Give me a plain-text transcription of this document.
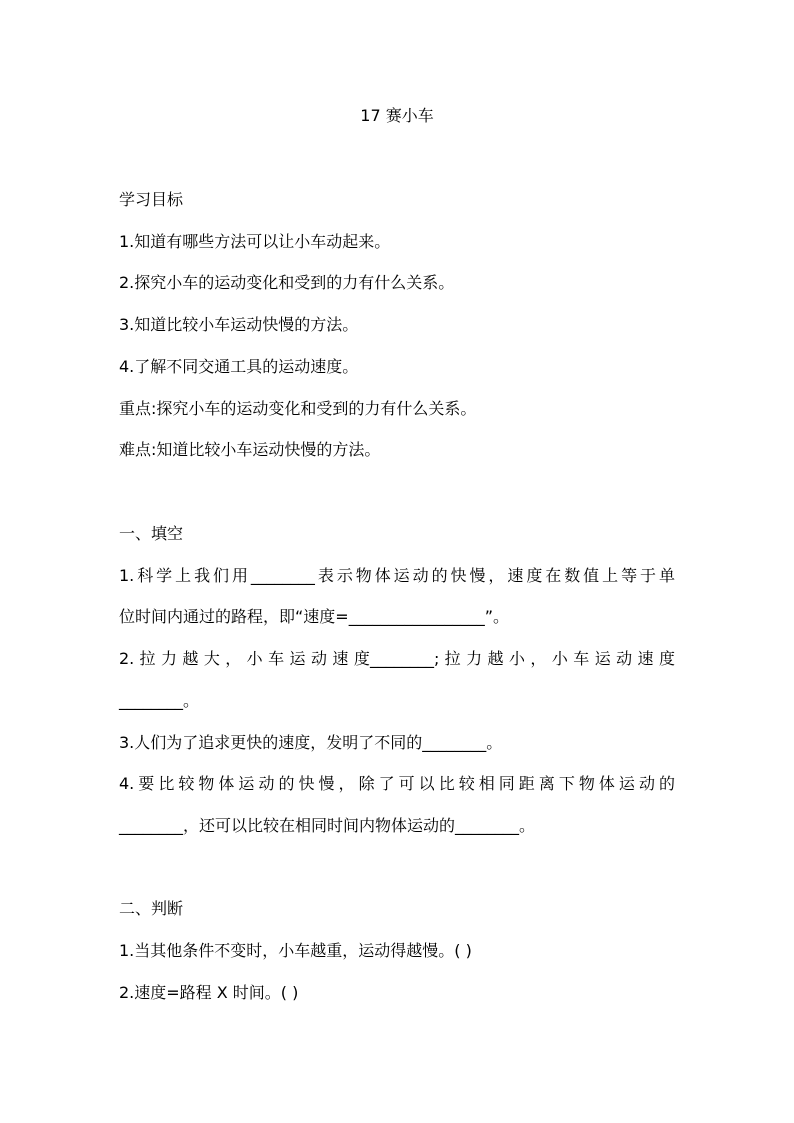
17 赛小车
学习目标
1.知道有哪些方法可以让小车动起来。
2.探究小车的运动变化和受到的力有什么关系。
3.知道比较小车运动快慢的方法。
4.了解不同交通工具的运动速度。
重点:探究小车的运动变化和受到的力有什么关系。
难点:知道比较小车运动快慢的方法。
一、填空
1.科学上我们用________表示物体运动的快慢，速度在数值上等于单
位时间内通过的路程，即“速度=_________________”。
2. 拉 力 越 大 ， 小 车 运 动 速 度________; 拉 力 越 小 ， 小 车 运 动 速 度
________。
3.人们为了追求更快的速度，发明了不同的________。
4.要比较物体运动的快慢，除了可以比较相同距离下物体运动的
________，还可以比较在相同时间内物体运动的________。
二、判断
1.当其他条件不变时，小车越重，运动得越慢。( )
2.速度=路程 X 时间。( )
